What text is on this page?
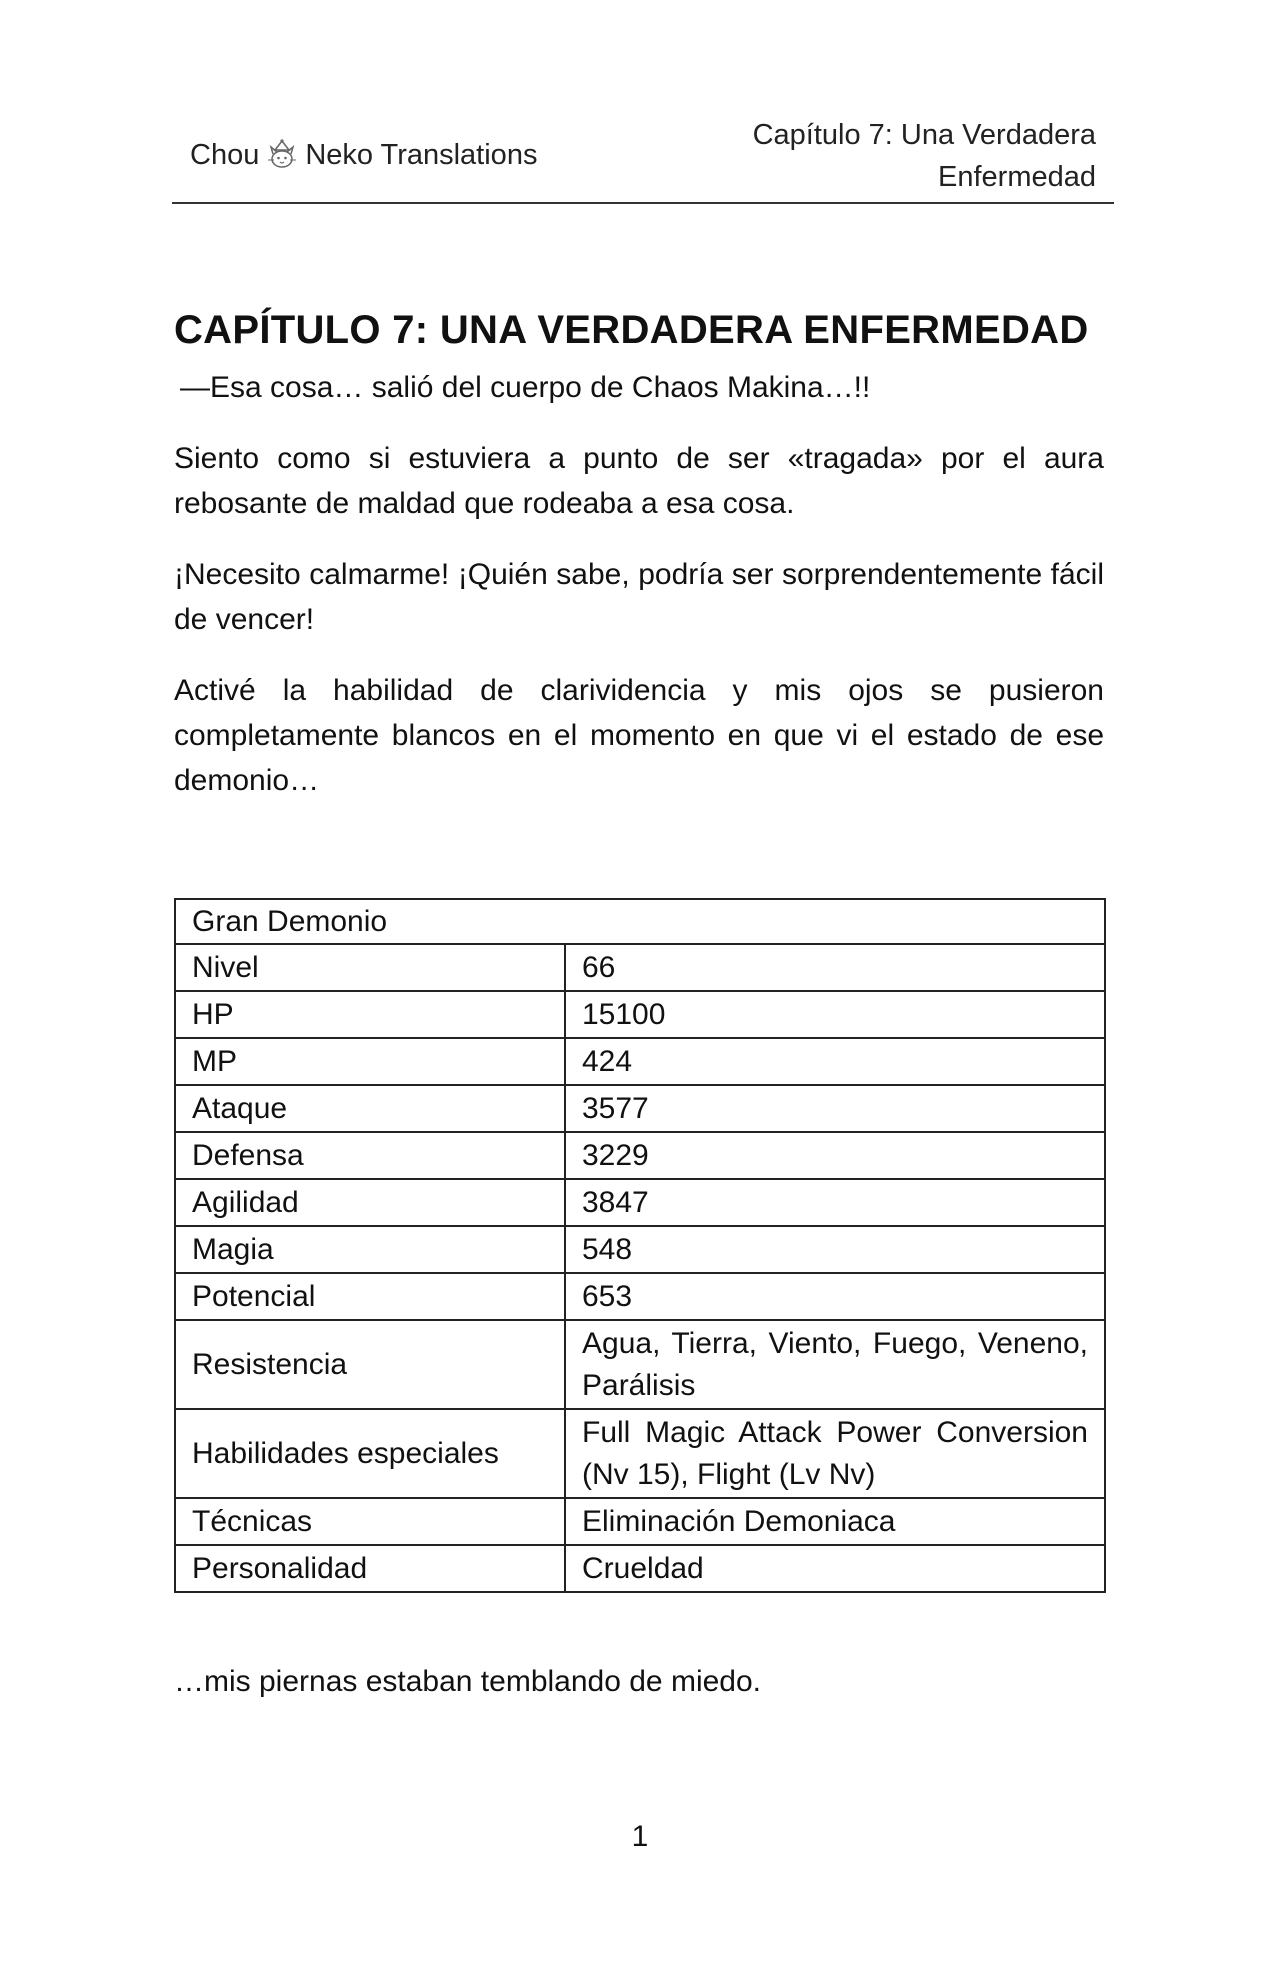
Chou Neko Translations
Capítulo 7: Una Verdadera
Enfermedad
CAPÍTULO 7: UNA VERDADERA ENFERMEDAD

—Esa cosa… salió del cuerpo de Chaos Makina…!!

Siento como si estuviera a punto de ser «tragada» por el aura rebosante de maldad que rodeaba a esa cosa.

¡Necesito calmarme! ¡Quién sabe, podría ser sorprendentemente fácil de vencer!

Activé la habilidad de clarividencia y mis ojos se pusieron completamente blancos en el momento en que vi el estado de ese demonio…

Gran Demonio	
Nivel	66
HP	15100
MP	424
Ataque	3577
Defensa	3229
Agilidad	3847
Magia	548
Potencial	653
Resistencia	Agua, Tierra, Viento, Fuego, Veneno, Parálisis
Habilidades especiales	Full Magic Attack Power Conversion (Nv 15), Flight (Lv Nv)
Técnicas	Eliminación Demoniaca
Personalidad	Crueldad

…mis piernas estaban temblando de miedo.

1
